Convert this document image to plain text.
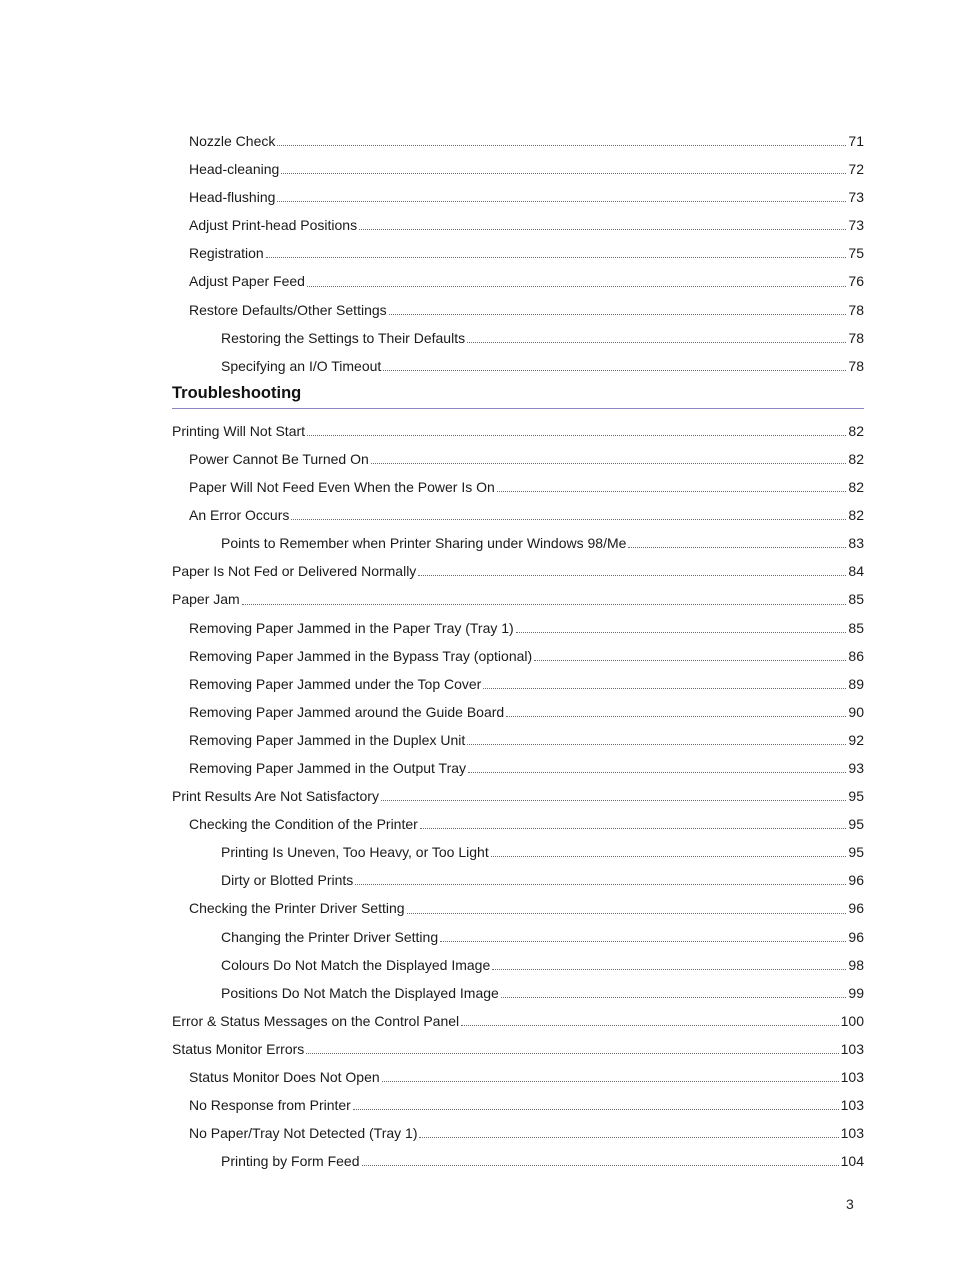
Nozzle Check	71
Head-cleaning	72
Head-flushing	73
Adjust Print-head Positions	73
Registration	75
Adjust Paper Feed	76
Restore Defaults/Other Settings	78
Restoring the Settings to Their Defaults	78
Specifying an I/O Timeout	78
Troubleshooting
Printing Will Not Start	82
Power Cannot Be Turned On	82
Paper Will Not Feed Even When the Power Is On	82
An Error Occurs	82
Points to Remember when Printer Sharing under Windows 98/Me	83
Paper Is Not Fed or Delivered Normally	84
Paper Jam	85
Removing Paper Jammed in the Paper Tray (Tray 1)	85
Removing Paper Jammed in the Bypass Tray (optional)	86
Removing Paper Jammed under the Top Cover	89
Removing Paper Jammed around the Guide Board	90
Removing Paper Jammed in the Duplex Unit	92
Removing Paper Jammed in the Output Tray	93
Print Results Are Not Satisfactory	95
Checking the Condition of the Printer	95
Printing Is Uneven, Too Heavy, or Too Light	95
Dirty or Blotted Prints	96
Checking the Printer Driver Setting	96
Changing the Printer Driver Setting	96
Colours Do Not Match the Displayed Image	98
Positions Do Not Match the Displayed Image	99
Error & Status Messages on the Control Panel	100
Status Monitor Errors	103
Status Monitor Does Not Open	103
No Response from Printer	103
No Paper/Tray Not Detected (Tray 1)	103
Printing by Form Feed	104
3
